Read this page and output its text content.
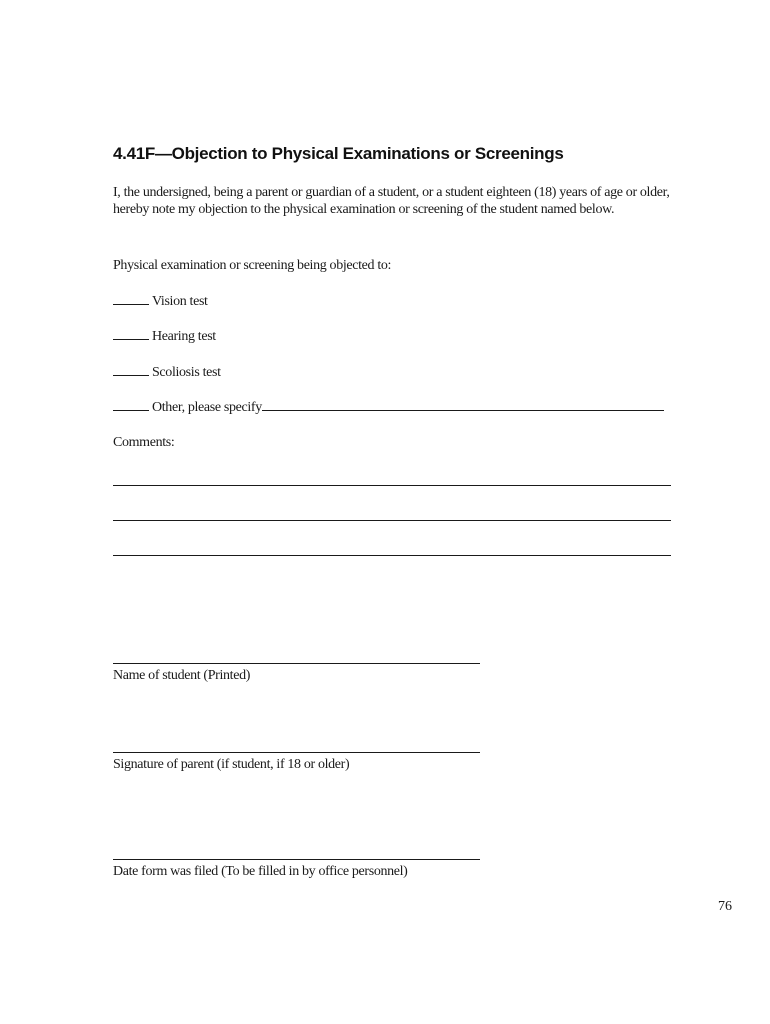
4.41F—Objection to Physical Examinations or Screenings

I, the undersigned, being a parent or guardian of a student, or a student eighteen (18) years of age or older, hereby note my objection to the physical examination or screening of the student named below.

Physical examination or screening being objected to:

Vision test
Hearing test
Scoliosis test
Other, please specify

Comments:

Name of student (Printed)

Signature of parent (if student, if 18 or older)

Date form was filed (To be filled in by office personnel)

76
